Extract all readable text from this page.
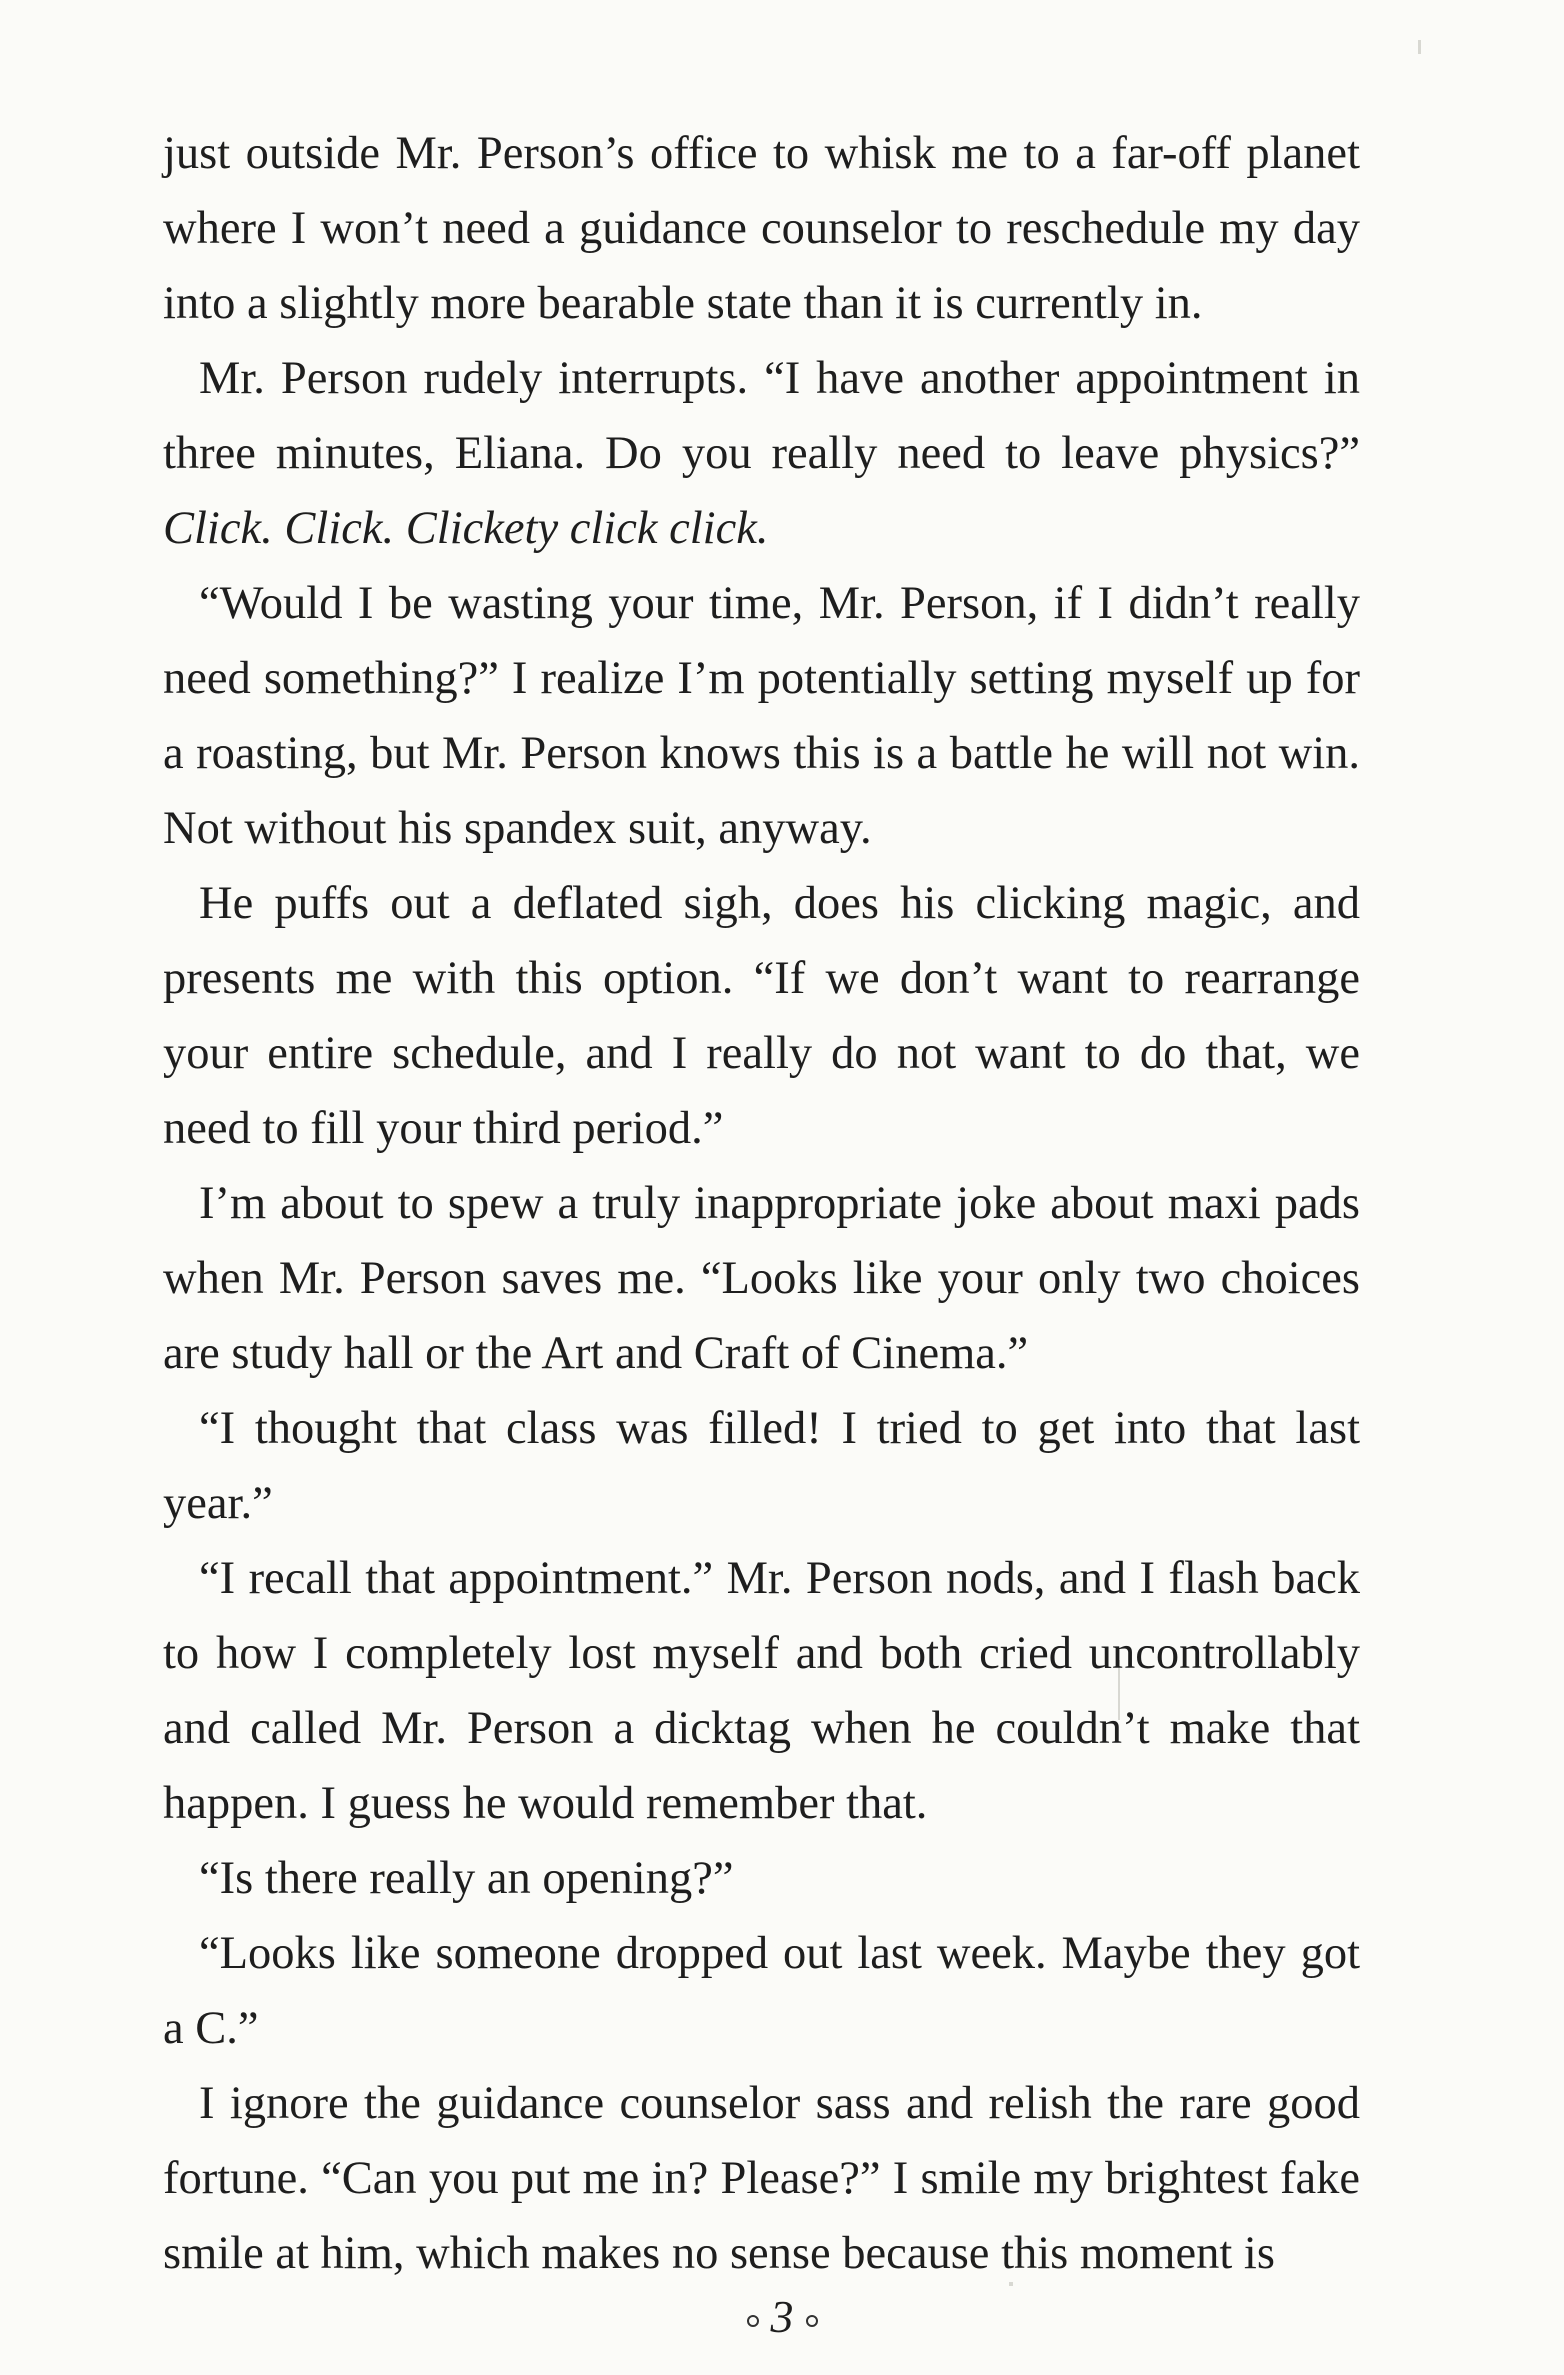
just outside Mr. Person’s office to whisk me to a far-off planet where I won’t need a guidance counselor to reschedule my day into a slightly more bearable state than it is currently in.

Mr. Person rudely interrupts. “I have another appointment in three minutes, Eliana. Do you really need to leave physics?” Click. Click. Clickety click click.

“Would I be wasting your time, Mr. Person, if I didn’t really need something?” I realize I’m potentially setting myself up for a roasting, but Mr. Person knows this is a battle he will not win. Not without his spandex suit, anyway.

He puffs out a deflated sigh, does his clicking magic, and presents me with this option. “If we don’t want to rearrange your entire schedule, and I really do not want to do that, we need to fill your third period.”

I’m about to spew a truly inappropriate joke about maxi pads when Mr. Person saves me. “Looks like your only two choices are study hall or the Art and Craft of Cinema.”

“I thought that class was filled! I tried to get into that last year.”

“I recall that appointment.” Mr. Person nods, and I flash back to how I completely lost myself and both cried uncontrollably and called Mr. Person a dicktag when he couldn’t make that happen. I guess he would remember that.

“Is there really an opening?”

“Looks like someone dropped out last week. Maybe they got a C.”

I ignore the guidance counselor sass and relish the rare good fortune. “Can you put me in? Please?” I smile my brightest fake smile at him, which makes no sense because this moment is

3
